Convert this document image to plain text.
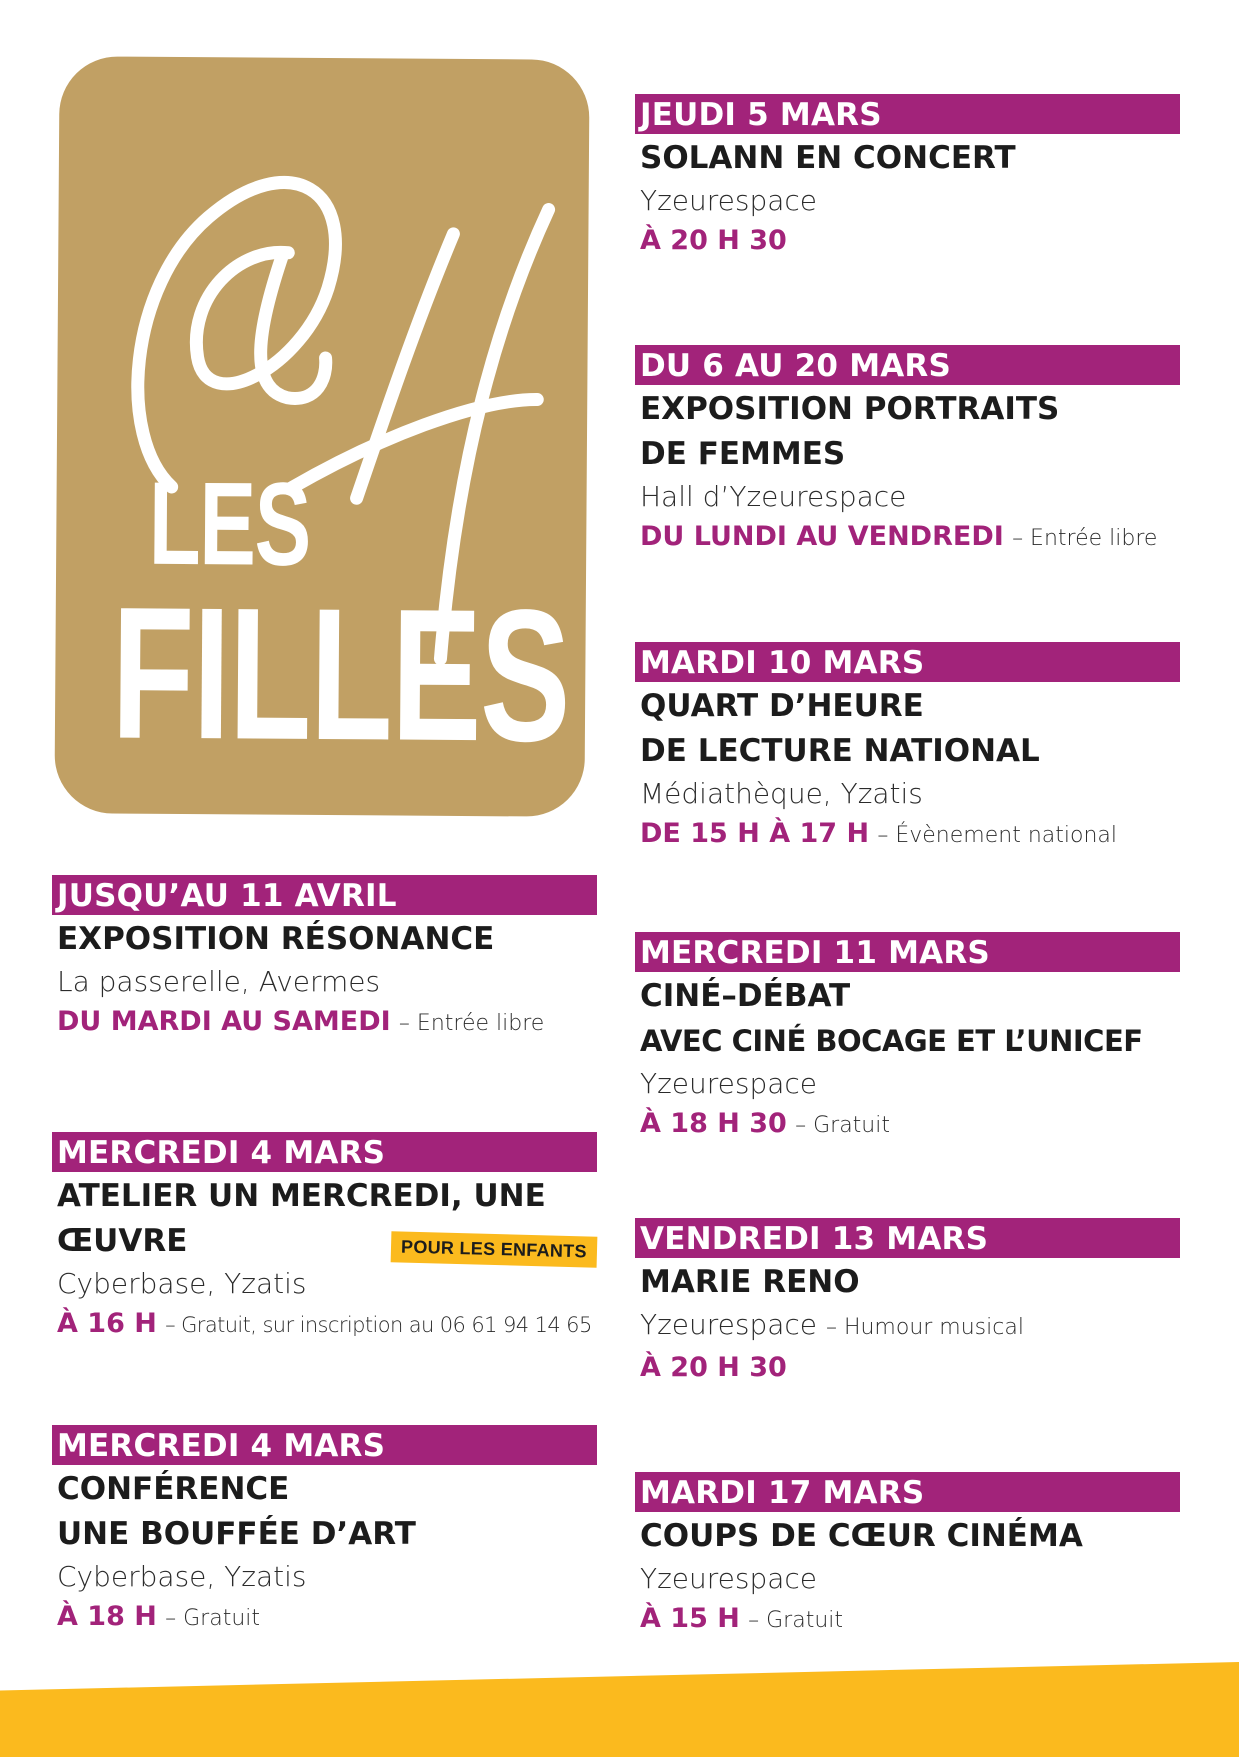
LES
FILLES
JUSQU’AU 11 AVRIL
EXPOSITION RÉSONANCE
La passerelle, Avermes
DU MARDI AU SAMEDI – Entrée libre
MERCREDI 4 MARS
ATELIER UN MERCREDI, UNE
ŒUVRE	POUR LES ENFANTS
Cyberbase, Yzatis
À 16 H – Gratuit, sur inscription au 06 61 94 14 65
MERCREDI 4 MARS
CONFÉRENCE
UNE BOUFFÉE D’ART
Cyberbase, Yzatis
À 18 H – Gratuit
JEUDI 5 MARS
SOLANN EN CONCERT
Yzeurespace
À 20 H 30
DU 6 AU 20 MARS
EXPOSITION PORTRAITS
DE FEMMES
Hall d’Yzeurespace
DU LUNDI AU VENDREDI – Entrée libre
MARDI 10 MARS
QUART D’HEURE
DE LECTURE NATIONAL
Médiathèque, Yzatis
DE 15 H À 17 H – Évènement national
MERCREDI 11 MARS
CINÉ–DÉBAT
AVEC CINÉ BOCAGE ET L’UNICEF
Yzeurespace
À 18 H 30 – Gratuit
VENDREDI 13 MARS
MARIE RENO
Yzeurespace – Humour musical
À 20 H 30
MARDI 17 MARS
COUPS DE CŒUR CINÉMA
Yzeurespace
À 15 H – Gratuit
